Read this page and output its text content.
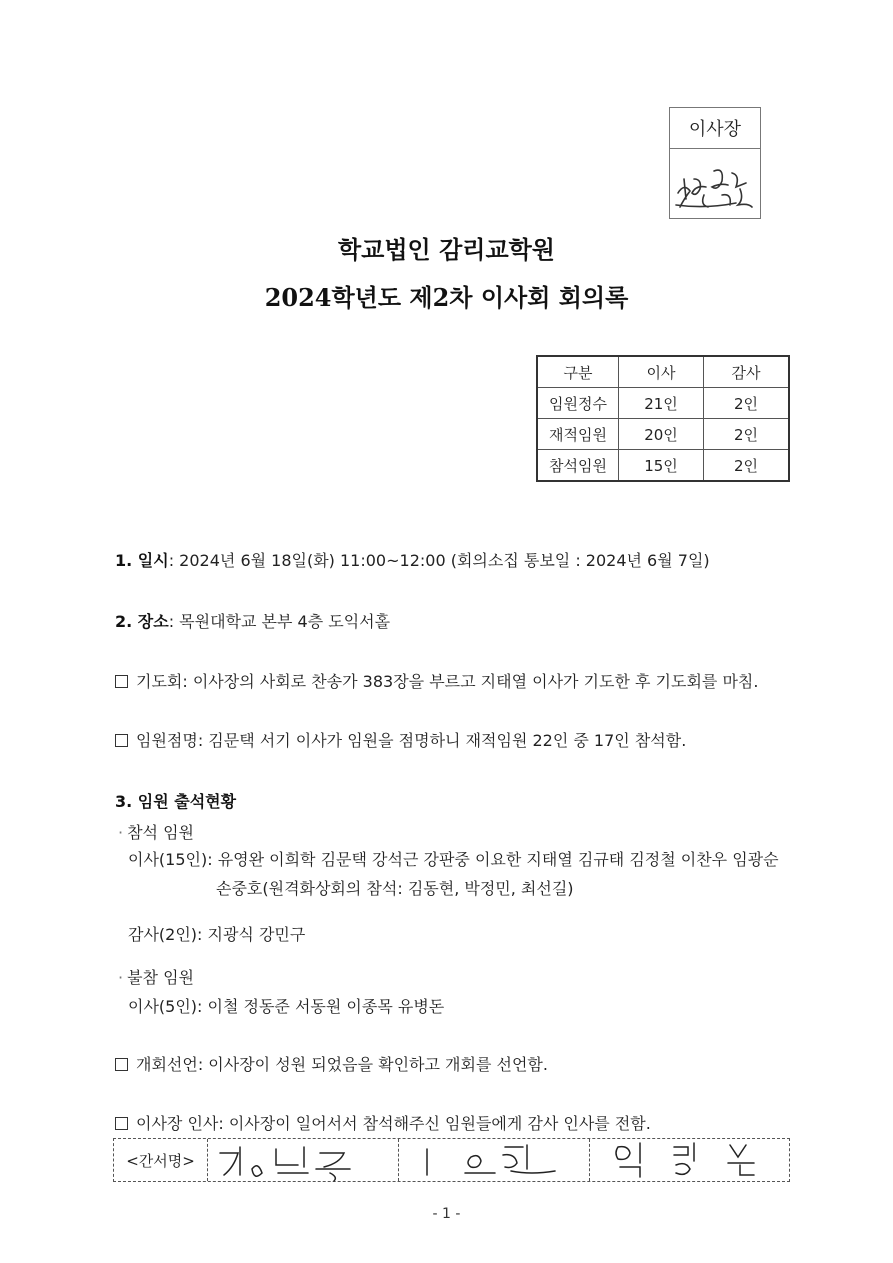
이사장
학교법인 감리교학원
2024학년도 제2차 이사회 회의록
구분	이사	감사
임원정수	21인	2인
재적임원	20인	2인
참석임원	15인	2인
1. 일시: 2024년 6월 18일(화) 11:00~12:00 (회의소집 통보일 : 2024년 6월 7일)
2. 장소: 목원대학교 본부 4층 도익서홀
기도회: 이사장의 사회로 찬송가 383장을 부르고 지태열 이사가 기도한 후 기도회를 마침.
임원점명: 김문택 서기 이사가 임원을 점명하니 재적임원 22인 중 17인 참석함.
3. 임원 출석현황
· 참석 임원
이사(15인): 유영완 이희학 김문택 강석근 강판중 이요한 지태열 김규태 김정철 이찬우 임광순
손중호(원격화상회의 참석: 김동현, 박정민, 최선길)
감사(2인): 지광식 강민구
· 불참 임원
이사(5인): 이철 정동준 서동원 이종목 유병돈
개회선언: 이사장이 성원 되었음을 확인하고 개회를 선언함.
이사장 인사: 이사장이 일어서서 참석해주신 임원들에게 감사 인사를 전함.
<간서명>
- 1 -
